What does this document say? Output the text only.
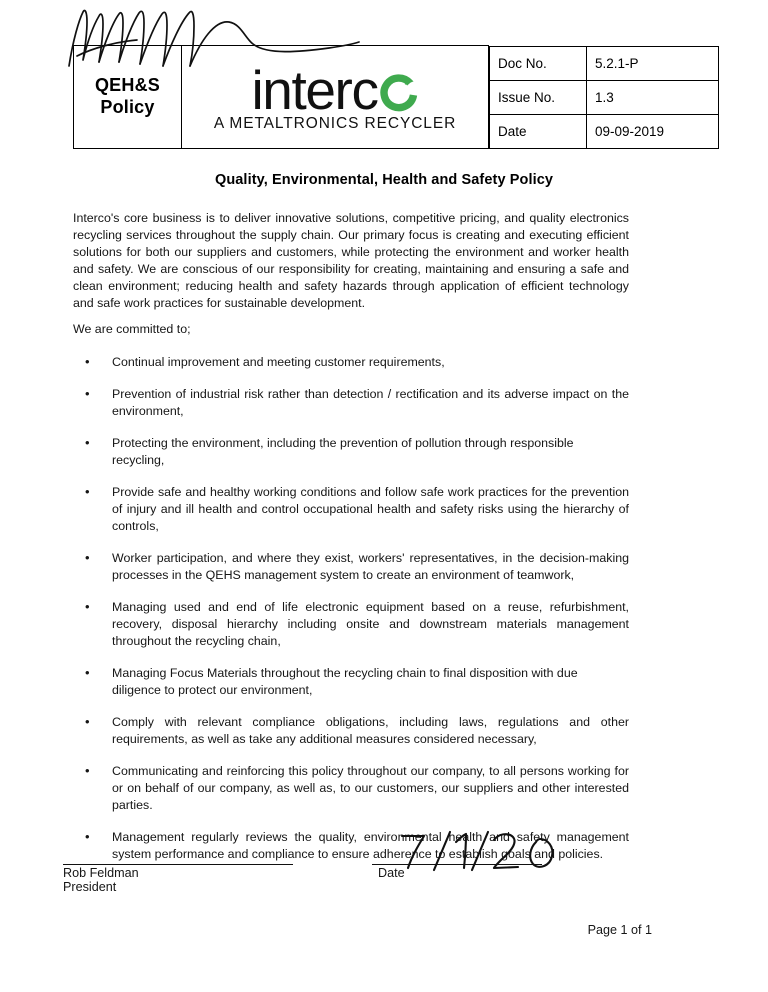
QEH&S
Policy	interc
A METALTRONICS RECYCLER

Doc No.	5.2.1-P
Issue No.	1.3
Date	09-09-2019
Quality, Environmental, Health and Safety Policy

Interco's core business is to deliver innovative solutions, competitive pricing, and quality electronics recycling services throughout the supply chain. Our primary focus is creating and executing efficient solutions for both our suppliers and customers, while protecting the environment and worker health and safety. We are conscious of our responsibility for creating, maintaining and ensuring a safe and clean environment; reducing health and safety hazards through application of efficient technology and safe work practices for sustainable development.

We are committed to;

• Continual improvement and meeting customer requirements,
• Prevention of industrial risk rather than detection / rectification and its adverse impact on the environment,
• Protecting the environment, including the prevention of pollution through responsible recycling,
• Provide safe and healthy working conditions and follow safe work practices for the prevention of injury and ill health and control occupational health and safety risks using the hierarchy of controls,
• Worker participation, and where they exist, workers' representatives, in the decision-making processes in the QEHS management system to create an environment of teamwork,
• Managing used and end of life electronic equipment based on a reuse, refurbishment, recovery, disposal hierarchy including onsite and downstream materials management throughout the recycling chain,
• Managing Focus Materials throughout the recycling chain to final disposition with due diligence to protect our environment,
• Comply with relevant compliance obligations, including laws, regulations and other requirements, as well as take any additional measures considered necessary,
• Communicating and reinforcing this policy throughout our company, to all persons working for or on behalf of our company, as well as, to our customers, our suppliers and other interested parties.
• Management regularly reviews the quality, environmental health and safety management system performance and compliance to ensure adherence to establish goals and policies.
Rob Feldman
President
Date
Page 1 of 1
